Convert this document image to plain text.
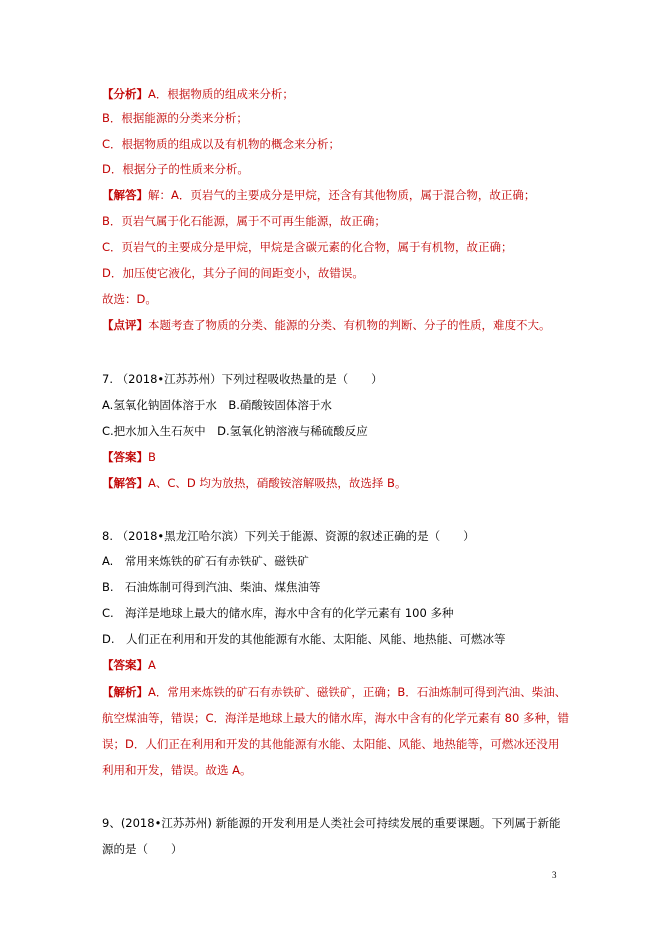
【分析】A．根据物质的组成来分析；
B．根据能源的分类来分析；
C．根据物质的组成以及有机物的概念来分析；
D．根据分子的性质来分析。
【解答】解：A．页岩气的主要成分是甲烷，还含有其他物质，属于混合物，故正确；
B．页岩气属于化石能源，属于不可再生能源，故正确；
C．页岩气的主要成分是甲烷，甲烷是含碳元素的化合物，属于有机物，故正确；
D．加压使它液化，其分子间的间距变小，故错误。
故选：D。
【点评】本题考查了物质的分类、能源的分类、有机物的判断、分子的性质，难度不大。
7. （2018•江苏苏州）下列过程吸收热量的是（　　）
A.氢氧化钠固体溶于水　B.硝酸铵固体溶于水
C.把水加入生石灰中　D.氢氧化钠溶液与稀硫酸反应
【答案】B
【解答】A、C、D 均为放热，硝酸铵溶解吸热，故选择 B。
8. （2018•黑龙江哈尔滨）下列关于能源、资源的叙述正确的是（　　）
A.　常用来炼铁的矿石有赤铁矿、磁铁矿
B.　石油炼制可得到汽油、柴油、煤焦油等
C.　海洋是地球上最大的储水库，海水中含有的化学元素有 100 多种
D.　人们正在利用和开发的其他能源有水能、太阳能、风能、地热能、可燃冰等
【答案】A
【解析】A．常用来炼铁的矿石有赤铁矿、磁铁矿，正确；B．石油炼制可得到汽油、柴油、
航空煤油等，错误；C．海洋是地球上最大的储水库，海水中含有的化学元素有 80 多种，错
误；D．人们正在利用和开发的其他能源有水能、太阳能、风能、地热能等，可燃冰还没用
利用和开发，错误。故选 A。
9、(2018•江苏苏州) 新能源的开发利用是人类社会可持续发展的重要课题。下列属于新能
源的是（　　）
3
